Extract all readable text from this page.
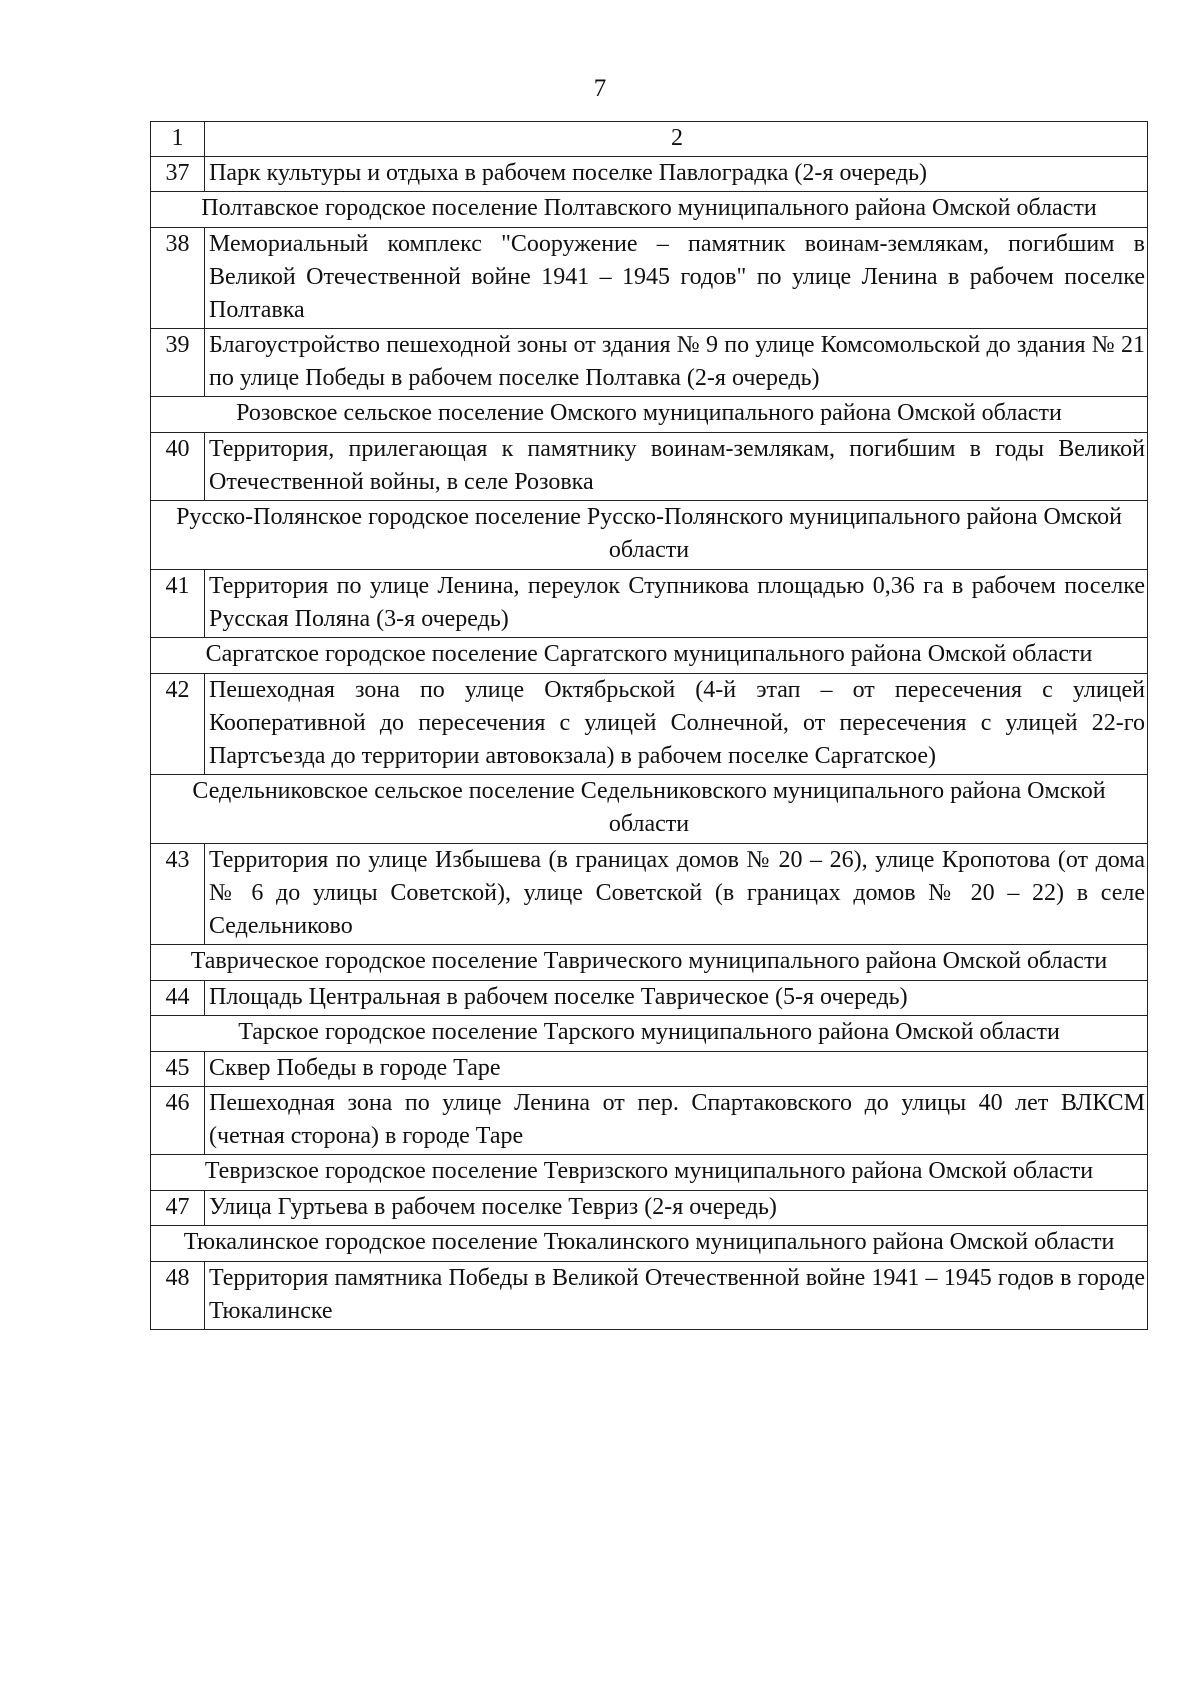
7
1	2
37	Парк культуры и отдыха в рабочем поселке Павлоградка (2-я очередь)
Полтавское городское поселение Полтавского муниципального района Омской области	
38	Мемориальный комплекс "Сооружение – памятник воинам-землякам, погибшим в Великой Отечественной войне 1941 – 1945 годов" по улице Ленина в рабочем поселке Полтавка
39	Благоустройство пешеходной зоны от здания № 9 по улице Комсомольской до здания № 21 по улице Победы в рабочем поселке Полтавка (2-я очередь)
Розовское сельское поселение Омского муниципального района Омской области	
40	Территория, прилегающая к памятнику воинам-землякам, погибшим в годы Великой Отечественной войны, в селе Розовка
Русско-Полянское городское поселение Русско-Полянского муниципального района Омской области	
41	Территория по улице Ленина, переулок Ступникова площадью 0,36 га в рабочем поселке Русская Поляна (3-я очередь)
Саргатское городское поселение Саргатского муниципального района Омской области	
42	Пешеходная зона по улице Октябрьской (4-й этап – от пересечения с улицей Кооперативной до пересечения с улицей Солнечной, от пересечения с улицей 22-го Партсъезда до территории автовокзала) в рабочем поселке Саргатское)
Седельниковское сельское поселение Седельниковского муниципального района Омской области	
43	Территория по улице Избышева (в границах домов № 20 – 26), улице Кропотова (от дома № 6 до улицы Советской), улице Советской (в границах домов № 20 – 22) в селе Седельниково
Таврическое городское поселение Таврического муниципального района Омской области	
44	Площадь Центральная в рабочем поселке Таврическое (5-я очередь)
Тарское городское поселение Тарского муниципального района Омской области	
45	Сквер Победы в городе Таре
46	Пешеходная зона по улице Ленина от пер. Спартаковского до улицы 40 лет ВЛКСМ (четная сторона) в городе Таре
Тевризское городское поселение Тевризского муниципального района Омской области	
47	Улица Гуртьева в рабочем поселке Тевриз (2-я очередь)
Тюкалинское городское поселение Тюкалинского муниципального района Омской области	
48	Территория памятника Победы в Великой Отечественной войне 1941 – 1945 годов в городе Тюкалинске
